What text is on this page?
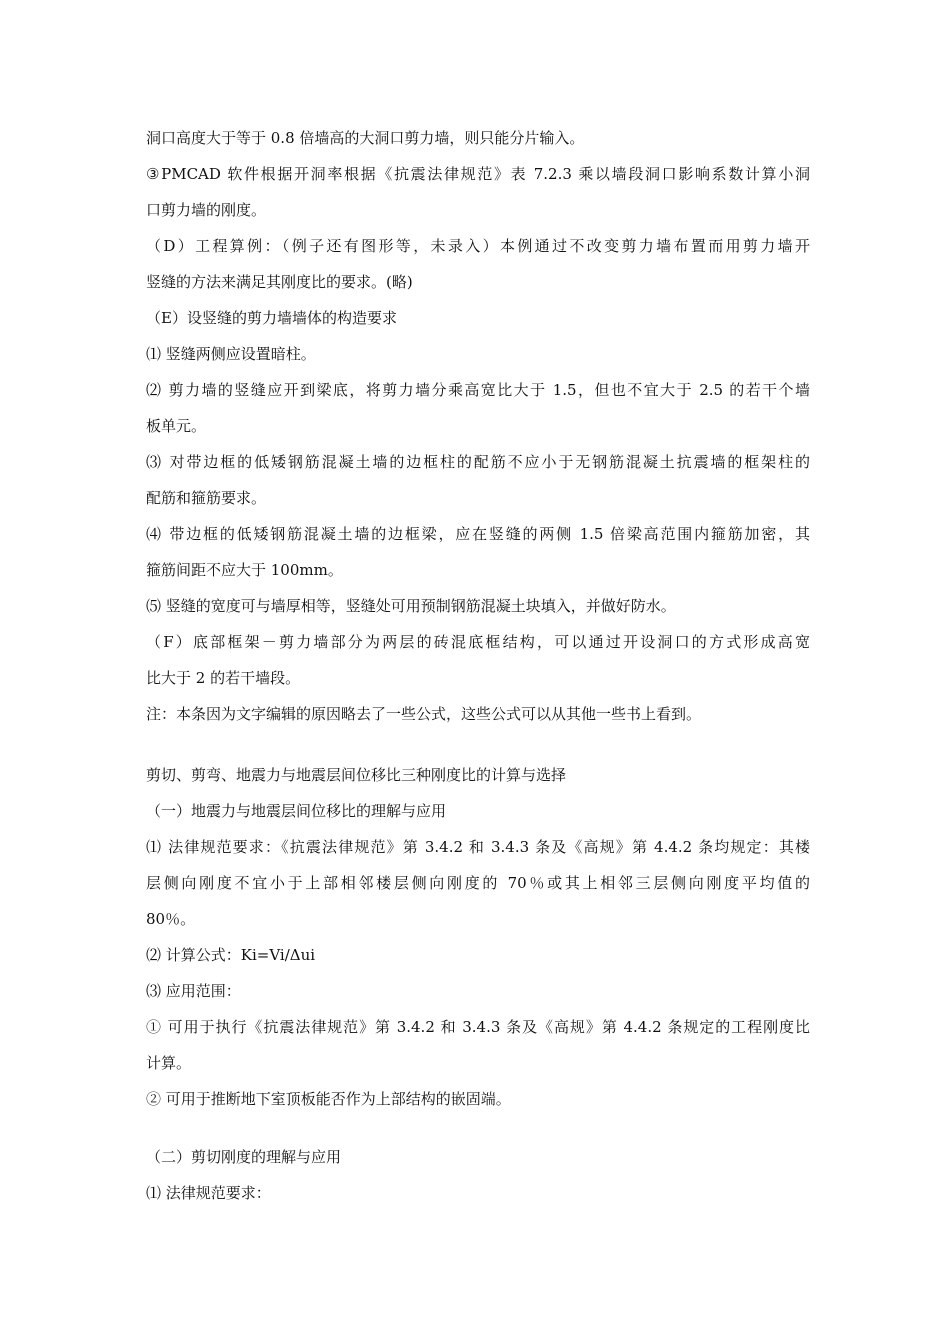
洞口高度大于等于 0.8 倍墙高的大洞口剪力墙，则只能分片输入。
③PMCAD 软件根据开洞率根据《抗震法律规范》表 7.2.3 乘以墙段洞口影响系数计算小洞
口剪力墙的刚度。
（D）工程算例：（例子还有图形等，未录入）本例通过不改变剪力墙布置而用剪力墙开
竖缝的方法来满足其刚度比的要求。(略)
（E）设竖缝的剪力墙墙体的构造要求
⑴ 竖缝两侧应设置暗柱。
⑵ 剪力墙的竖缝应开到梁底，将剪力墙分乘高宽比大于 1.5，但也不宜大于 2.5 的若干个墙
板单元。
⑶ 对带边框的低矮钢筋混凝土墙的边框柱的配筋不应小于无钢筋混凝土抗震墙的框架柱的
配筋和箍筋要求。
⑷ 带边框的低矮钢筋混凝土墙的边框梁，应在竖缝的两侧 1.5 倍梁高范围内箍筋加密，其
箍筋间距不应大于 100mm。
⑸ 竖缝的宽度可与墙厚相等，竖缝处可用预制钢筋混凝土块填入，并做好防水。
（F）底部框架－剪力墙部分为两层的砖混底框结构，可以通过开设洞口的方式形成高宽
比大于 2 的若干墙段。
注：本条因为文字编辑的原因略去了一些公式，这些公式可以从其他一些书上看到。
剪切、剪弯、地震力与地震层间位移比三种刚度比的计算与选择
（一）地震力与地震层间位移比的理解与应用
⑴ 法律规范要求：《抗震法律规范》第 3.4.2 和 3.4.3 条及《高规》第 4.4.2 条均规定：其楼
层侧向刚度不宜小于上部相邻楼层侧向刚度的 70％或其上相邻三层侧向刚度平均值的
80％。
⑵ 计算公式：Ki=Vi/Δui
⑶ 应用范围：
① 可用于执行《抗震法律规范》第 3.4.2 和 3.4.3 条及《高规》第 4.4.2 条规定的工程刚度比
计算。
② 可用于推断地下室顶板能否作为上部结构的嵌固端。
（二）剪切刚度的理解与应用
⑴ 法律规范要求：
